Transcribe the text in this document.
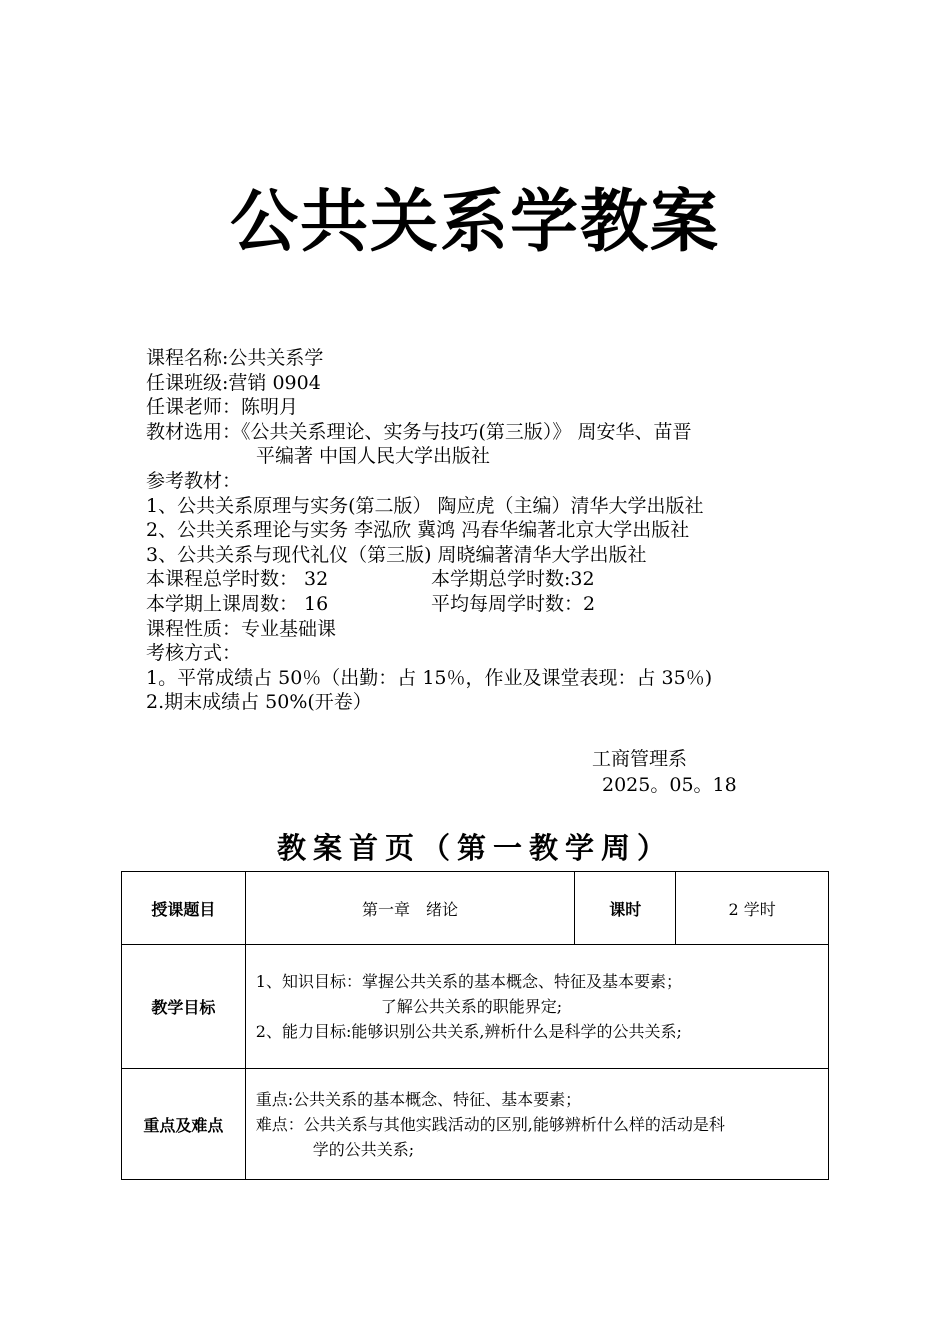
公共关系学教案
课程名称:公共关系学
任课班级:营销 0904
任课老师：陈明月
教材选用：《公共关系理论、实务与技巧(第三版）》 周安华、苗晋
平编著 中国人民大学出版社
参考教材：
1、公共关系原理与实务(第二版） 陶应虎（主编）清华大学出版社
2、公共关系理论与实务 李泓欣 冀鸿 冯春华编著北京大学出版社
3、公共关系与现代礼仪（第三版) 周晓编著清华大学出版社
本课程总学时数： 32	本学期总学时数:32
本学期上课周数： 16	平均每周学时数：2
课程性质：专业基础课
考核方式：
1。平常成绩占 50％（出勤：占 15％，作业及课堂表现：占 35％)
2.期末成绩占 50%(开卷）
工商管理系
2025。05。18
教案首页（第一教学周）
授课题目	第一章　绪论	课时	2 学时
教学目标	1、知识目标：掌握公共关系的基本概念、特征及基本要素；
了解公共关系的职能界定;
2、能力目标:能够识别公共关系,辨析什么是科学的公共关系;		

重点及难点	重点:公共关系的基本概念、特征、基本要素；
难点：公共关系与其他实践活动的区别,能够辨析什么样的活动是科
学的公共关系;		
